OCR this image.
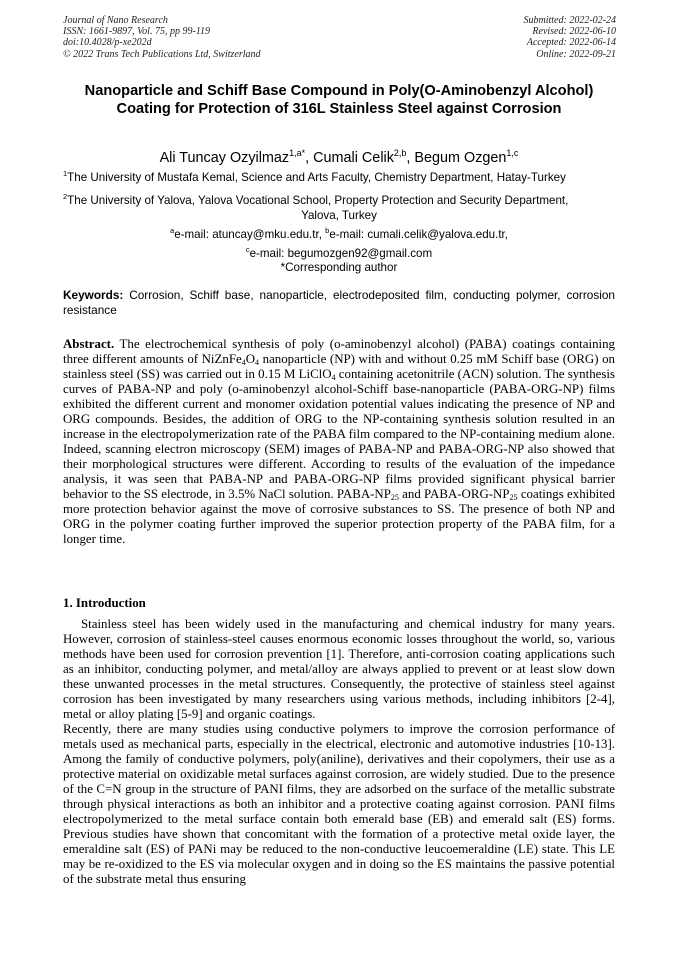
Journal of Nano Research
ISSN: 1661-9897, Vol. 75, pp 99-119
doi:10.4028/p-xe202d
© 2022 Trans Tech Publications Ltd, Switzerland
Submitted: 2022-02-24
Revised: 2022-06-10
Accepted: 2022-06-14
Online: 2022-09-21
Nanoparticle and Schiff Base Compound in Poly(O-Aminobenzyl Alcohol) Coating for Protection of 316L Stainless Steel against Corrosion
Ali Tuncay Ozyilmaz$^{1,a*}$, Cumali Celik$^{2,b}$, Begum Ozgen$^{1,c}$
$^1$The University of Mustafa Kemal, Science and Arts Faculty, Chemistry Department, Hatay-Turkey
$^2$The University of Yalova, Yalova Vocational School, Property Protection and Security Department,
Yalova, Turkey
$^a$e-mail: atuncay@mku.edu.tr, $^b$e-mail: cumali.celik@yalova.edu.tr,
$^c$e-mail: begumozgen92@gmail.com
*Corresponding author
Keywords: Corrosion, Schiff base, nanoparticle, electrodeposited film, conducting polymer, corrosion resistance
Abstract. The electrochemical synthesis of poly (o-aminobenzyl alcohol) (PABA) coatings containing three different amounts of $NiZnFe_4O_4$ nanoparticle (NP) with and without 0.25 mM Schiff base (ORG) on stainless steel (SS) was carried out in 0.15 M LiClO$_4$ containing acetonitrile (ACN) solution. The synthesis curves of PABA-NP and poly (o-aminobenzyl alcohol-Schiff base-nanoparticle (PABA-ORG-NP) films exhibited the different current and monomer oxidation potential values indicating the presence of NP and ORG compounds. Besides, the addition of ORG to the NP-containing synthesis solution resulted in an increase in the electropolymerization rate of the PABA film compared to the NP-containing medium alone. Indeed, scanning electron microscopy (SEM) images of PABA-NP and PABA-ORG-NP also showed that their morphological structures were different. According to results of the evaluation of the impedance analysis, it was seen that PABA-NP and PABA-ORG-NP films provided significant physical barrier behavior to the SS electrode, in 3.5% NaCl solution. PABA-$NP_{25}$ and PABA-$ORG-NP_{25}$ coatings exhibited more protection behavior against the move of corrosive substances to SS. The presence of both NP and ORG in the polymer coating further improved the superior protection property of the PABA film, for a longer time.
1. Introduction

Stainless steel has been widely used in the manufacturing and chemical industry for many years. However, corrosion of stainless-steel causes enormous economic losses throughout the world, so, various methods have been used for corrosion prevention [1]. Therefore, anti-corrosion coating applications such as an inhibitor, conducting polymer, and metal/alloy are always applied to prevent or at least slow down these unwanted processes in the metal structures. Consequently, the protective of stainless steel against corrosion has been investigated by many researchers using various methods, including inhibitors [2-4], metal or alloy plating [5-9] and organic coatings.

Recently, there are many studies using conductive polymers to improve the corrosion performance of metals used as mechanical parts, especially in the electrical, electronic and automotive industries [10-13]. Among the family of conductive polymers, poly(aniline), derivatives and their copolymers, their use as a protective material on oxidizable metal surfaces against corrosion, are widely studied. Due to the presence of the C=N group in the structure of PANI films, they are adsorbed on the surface of the metallic substrate through physical interactions as both an inhibitor and a protective coating against corrosion. PANI films electropolymerized to the metal surface contain both emerald base (EB) and emerald salt (ES) forms. Previous studies have shown that concomitant with the formation of a protective metal oxide layer, the emeraldine salt (ES) of PANi may be reduced to the non-conductive leucoemeraldine (LE) state. This LE may be re-oxidized to the ES via molecular oxygen and in doing so the ES maintains the passive potential of the substrate metal thus ensuring
